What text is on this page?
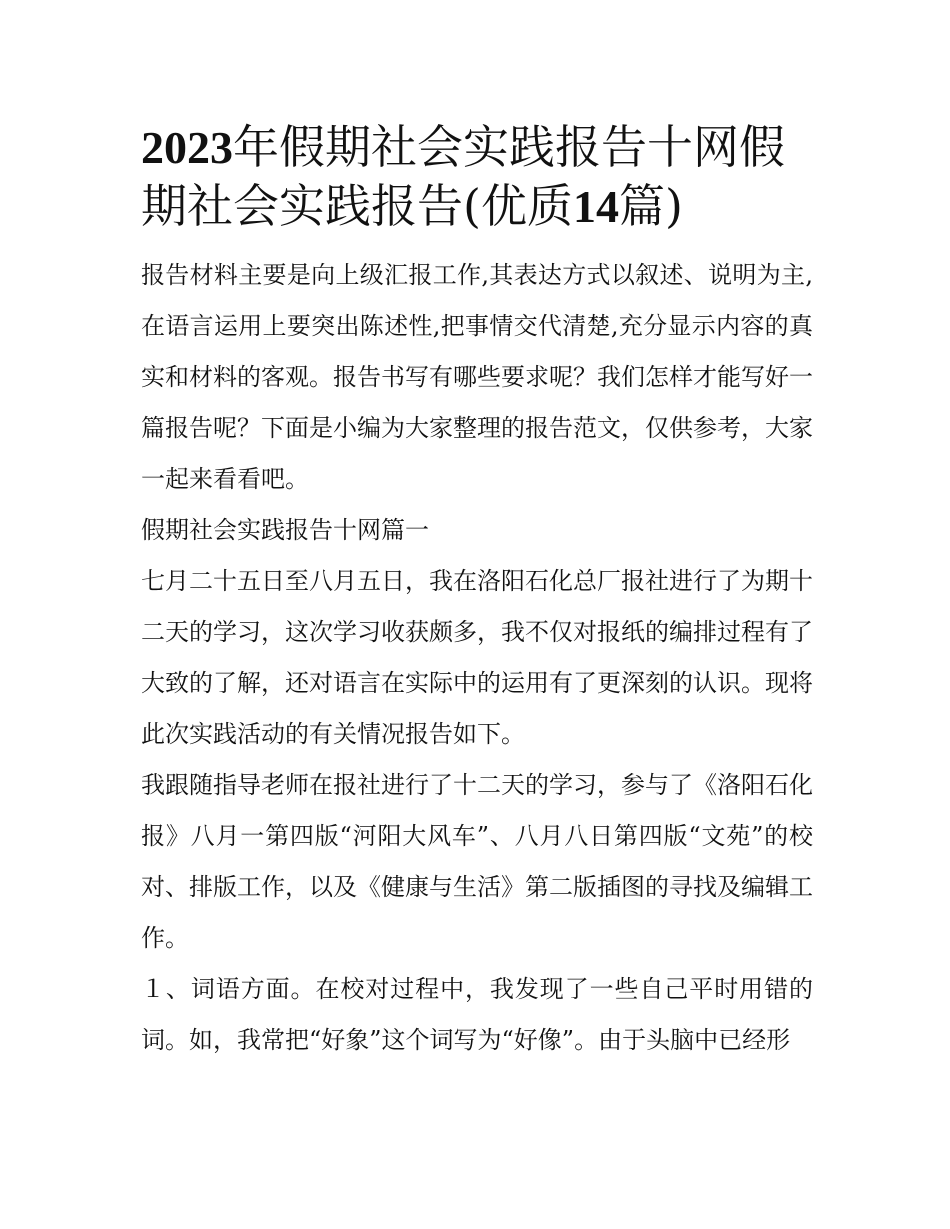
2023年假期社会实践报告十网假期社会实践报告(优质14篇)

报告材料主要是向上级汇报工作,其表达方式以叙述、说明为主,在语言运用上要突出陈述性,把事情交代清楚,充分显示内容的真实和材料的客观。报告书写有哪些要求呢？我们怎样才能写好一篇报告呢？下面是小编为大家整理的报告范文，仅供参考，大家一起来看看吧。

假期社会实践报告十网篇一

七月二十五日至八月五日，我在洛阳石化总厂报社进行了为期十二天的学习，这次学习收获颇多，我不仅对报纸的编排过程有了大致的了解，还对语言在实际中的运用有了更深刻的认识。现将此次实践活动的有关情况报告如下。

我跟随指导老师在报社进行了十二天的学习，参与了《洛阳石化报》八月一第四版“河阳大风车”、八月八日第四版“文苑”的校对、排版工作，以及《健康与生活》第二版插图的寻找及编辑工作。

１、词语方面。在校对过程中，我发现了一些自己平时用错的词。如，我常把“好象”这个词写为“好像”。由于头脑中已经形
